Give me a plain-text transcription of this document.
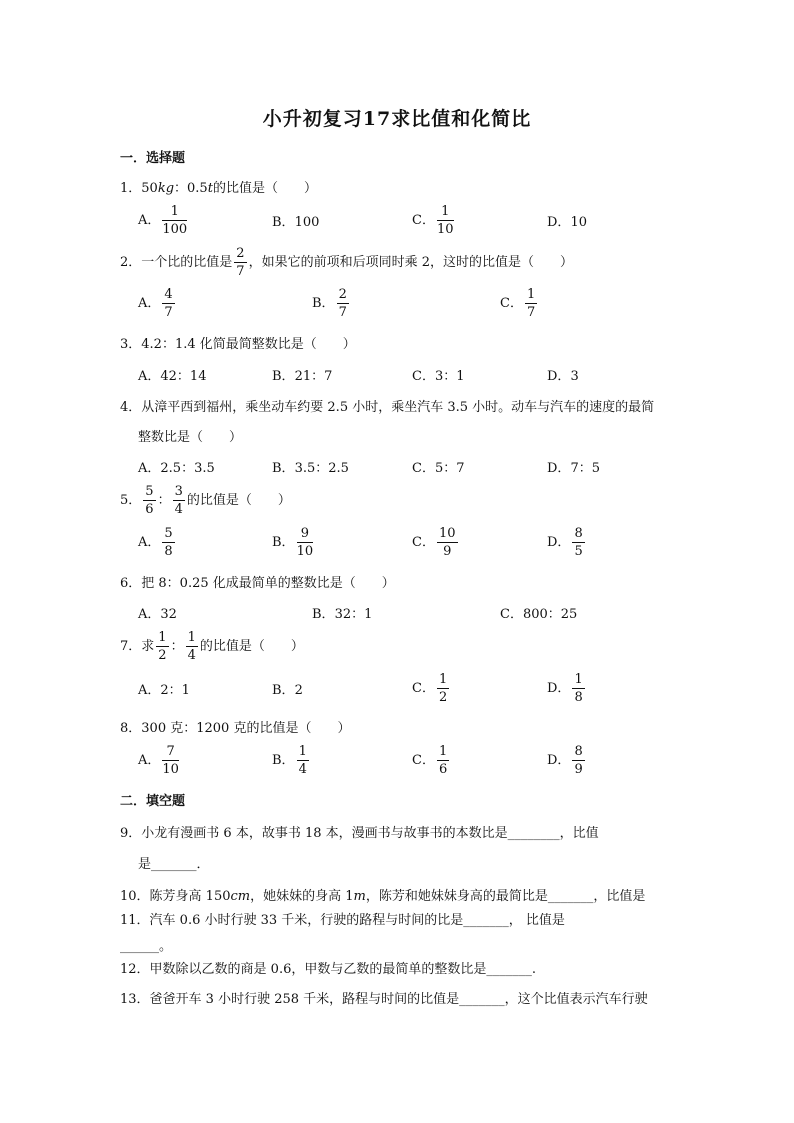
小升初复习17求比值和化简比
一．选择题
1．50kg：0.5t的比值是（　　）
A． $\frac{1}{100}$	B．100	C． $\frac{1}{10}$	D．10
2．一个比的比值是 $\frac{2}{7}$ ，如果它的前项和后项同时乘 2，这时的比值是（　　）
A． $\frac{4}{7}$	B． $\frac{2}{7}$	C． $\frac{1}{7}$
3．4.2：1.4 化简最简整数比是（　　）
A．42：14	B．21：7	C．3：1	D．3
4．从漳平西到福州，乘坐动车约要 2.5 小时，乘坐汽车 3.5 小时。动车与汽车的速度的最简
整数比是（　　）
A．2.5：3.5	B．3.5：2.5	C．5：7	D．7：5
5． $\frac{5}{6}$ ： $\frac{3}{4}$ 的比值是（　　）
A． $\frac{5}{8}$	B． $\frac{9}{10}$	C． $\frac{10}{9}$	D． $\frac{8}{5}$
6．把 8：0.25 化成最简单的整数比是（　　）
A．32	B．32：1	C．800：25
7．求 $\frac{1}{2}$ ： $\frac{1}{4}$ 的比值是（　　）
A．2：1	B．2	C． $\frac{1}{2}$	D． $\frac{1}{8}$
8．300 克：1200 克的比值是（　　）
A． $\frac{7}{10}$	B． $\frac{1}{4}$	C． $\frac{1}{6}$	D． $\frac{8}{9}$
二．填空题
9．小龙有漫画书 6 本，故事书 18 本，漫画书与故事书的本数比是________，比值
是_______．
10．陈芳身高 150cm，她妹妹的身高 1m，陈芳和她妹妹身高的最简比是_______，比值是
11．汽车 0.6 小时行驶 33 千米，行驶的路程与时间的比是_______， 比值是
______。
12．甲数除以乙数的商是 0.6，甲数与乙数的最简单的整数比是_______.
13．爸爸开车 3 小时行驶 258 千米，路程与时间的比值是_______，这个比值表示汽车行驶
